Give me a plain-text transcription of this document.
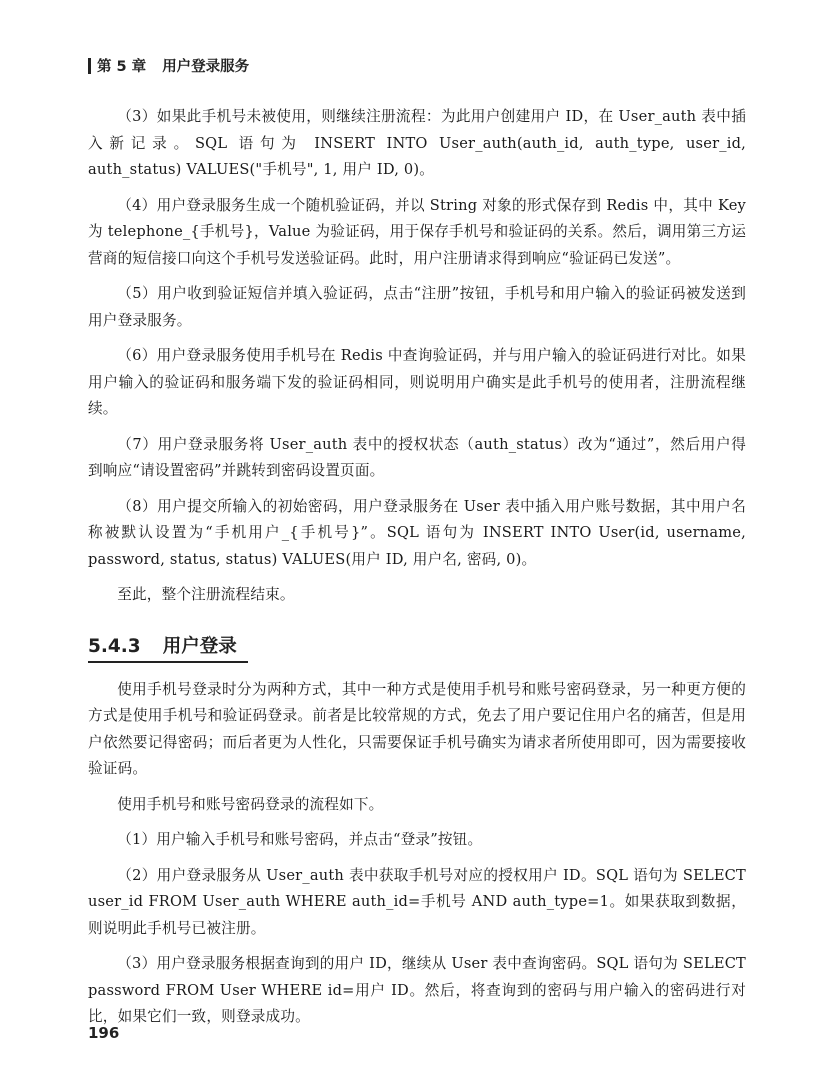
第 5 章 用户登录服务

（3）如果此手机号未被使用，则继续注册流程：为此用户创建用户 ID，在 User_auth 表中插入新记录。SQL 语句为 INSERT INTO User_auth(auth_id, auth_type, user_id, auth_status) VALUES("手机号", 1, 用户 ID, 0)。

（4）用户登录服务生成一个随机验证码，并以 String 对象的形式保存到 Redis 中，其中 Key 为 telephone_{手机号}，Value 为验证码，用于保存手机号和验证码的关系。然后，调用第三方运营商的短信接口向这个手机号发送验证码。此时，用户注册请求得到响应“验证码已发送”。

（5）用户收到验证短信并填入验证码，点击“注册”按钮，手机号和用户输入的验证码被发送到用户登录服务。

（6）用户登录服务使用手机号在 Redis 中查询验证码，并与用户输入的验证码进行对比。如果用户输入的验证码和服务端下发的验证码相同，则说明用户确实是此手机号的使用者，注册流程继续。

（7）用户登录服务将 User_auth 表中的授权状态（auth_status）改为“通过”，然后用户得到响应“请设置密码”并跳转到密码设置页面。

（8）用户提交所输入的初始密码，用户登录服务在 User 表中插入用户账号数据，其中用户名称被默认设置为“手机用户_{手机号}”。SQL 语句为 INSERT INTO User(id, username, password, status, status) VALUES(用户 ID, 用户名, 密码, 0)。

至此，整个注册流程结束。

5.4.3 用户登录

使用手机号登录时分为两种方式，其中一种方式是使用手机号和账号密码登录，另一种更方便的方式是使用手机号和验证码登录。前者是比较常规的方式，免去了用户要记住用户名的痛苦，但是用户依然要记得密码；而后者更为人性化，只需要保证手机号确实为请求者所使用即可，因为需要接收验证码。

使用手机号和账号密码登录的流程如下。

（1）用户输入手机号和账号密码，并点击“登录”按钮。

（2）用户登录服务从 User_auth 表中获取手机号对应的授权用户 ID。SQL 语句为 SELECT user_id FROM User_auth WHERE auth_id=手机号 AND auth_type=1。如果获取到数据，则说明此手机号已被注册。

（3）用户登录服务根据查询到的用户 ID，继续从 User 表中查询密码。SQL 语句为 SELECT password FROM User WHERE id=用户 ID。然后，将查询到的密码与用户输入的密码进行对比，如果它们一致，则登录成功。

196
